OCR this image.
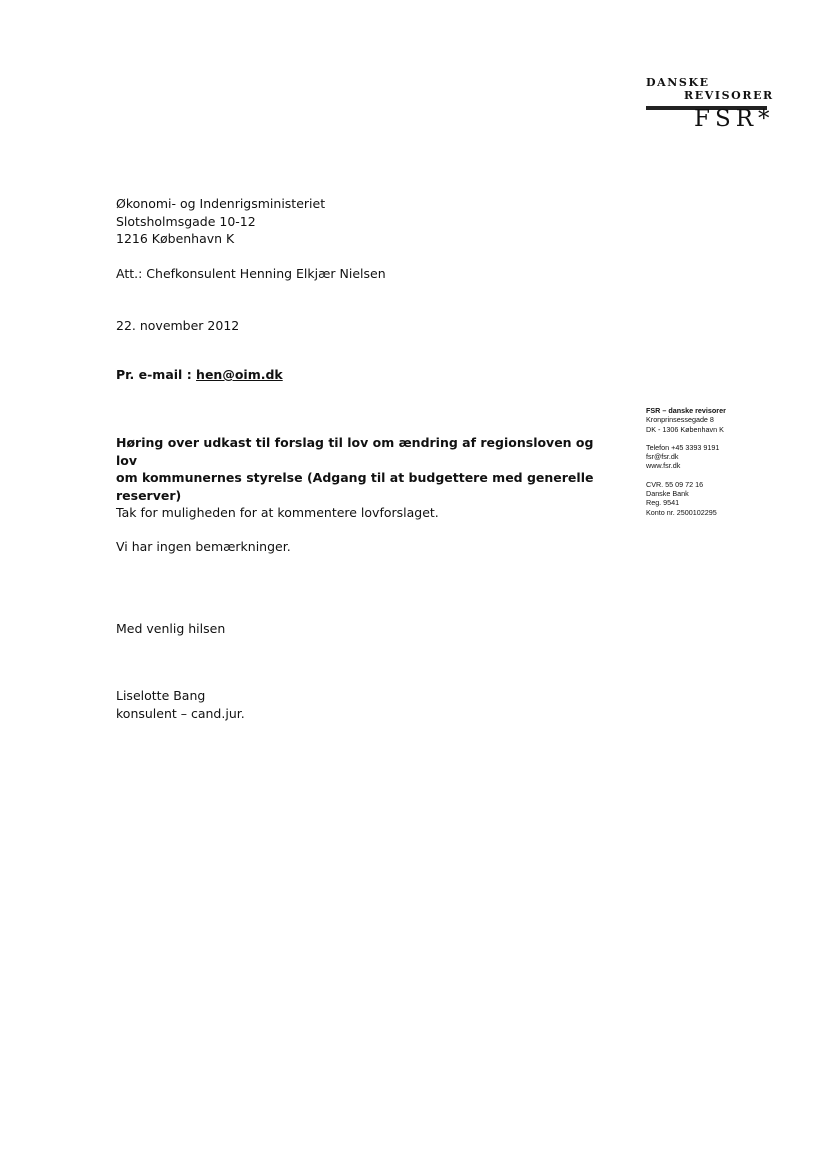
DANSKE
REVISORER
FSR*
Økonomi- og Indenrigsministeriet
Slotsholmsgade 10-12
1216 København K
Att.: Chefkonsulent Henning Elkjær Nielsen
22. november 2012
Pr. e-mail : hen@oim.dk
Høring over udkast til forslag til lov om ændring af regionsloven og lov
om kommunernes styrelse (Adgang til at budgettere med generelle
reserver)
Tak for muligheden for at kommentere lovforslaget.
Vi har ingen bemærkninger.
Med venlig hilsen
Liselotte Bang
konsulent – cand.jur.
FSR – danske revisorer
Kronprinsessegade 8
DK - 1306 København K
Telefon +45 3393 9191
fsr@fsr.dk
www.fsr.dk
CVR. 55 09 72 16
Danske Bank
Reg. 9541
Konto nr. 2500102295
